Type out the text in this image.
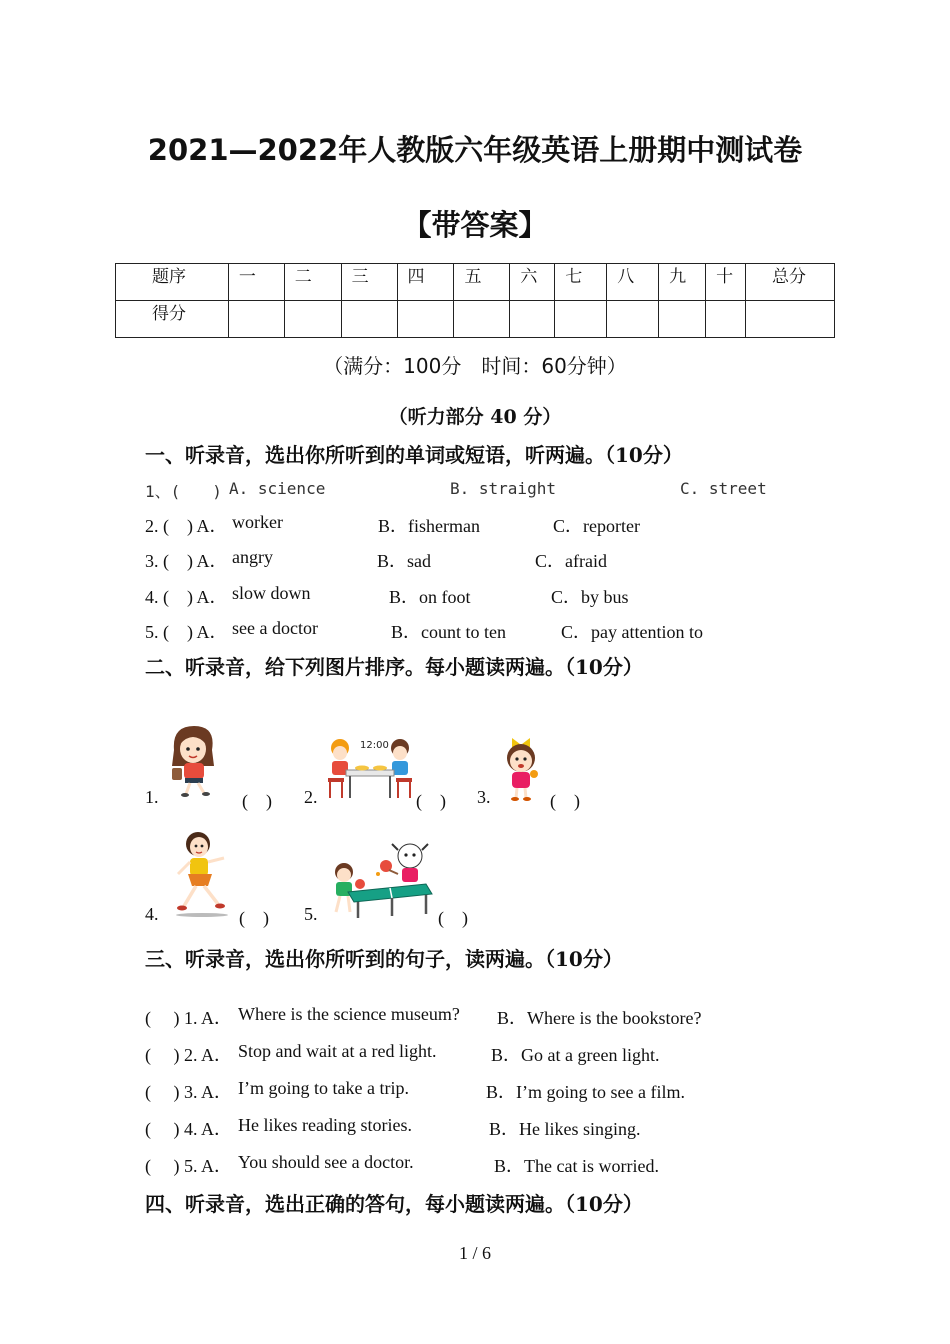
2021—2022年人教版六年级英语上册期中测试卷
【带答案】
题序	一	二	三	四	五	六	七	八	九	十	总分
得分											
（满分：100分　时间：60分钟）
（听力部分 40 分）
一、听录音，选出你所听到的单词或短语，听两遍。（10分）
1、(　　) A. science	B. straight	C. street
2. (　) A． worker	B．fisherman	C．reporter
3. (　) A． angry	B．sad	C．afraid
4. (　) A． slow down	B．on foot	C．by bus
5. (　) A． see a doctor	B．count to ten	C．pay attention to
二、听录音，给下列图片排序。每小题读两遍。（10分）
1.	(　) 2.
12:00
(　) 3.	(　)
4.	(　) 5.	(　)
三、听录音，选出你所听到的句子，读两遍。（10分）
(　 ) 1. A． Where is the science museum? B．Where is the bookstore?
(　 ) 2. A． Stop and wait at a red light.	B．Go at a green light.
(　 ) 3. A． I’m going to take a trip.	B．I’m going to see a film.
(　 ) 4. A． He likes reading stories.	B．He likes singing.
(　 ) 5. A． You should see a doctor.	B．The cat is worried.
四、听录音，选出正确的答句，每小题读两遍。（10分）
1 / 6
